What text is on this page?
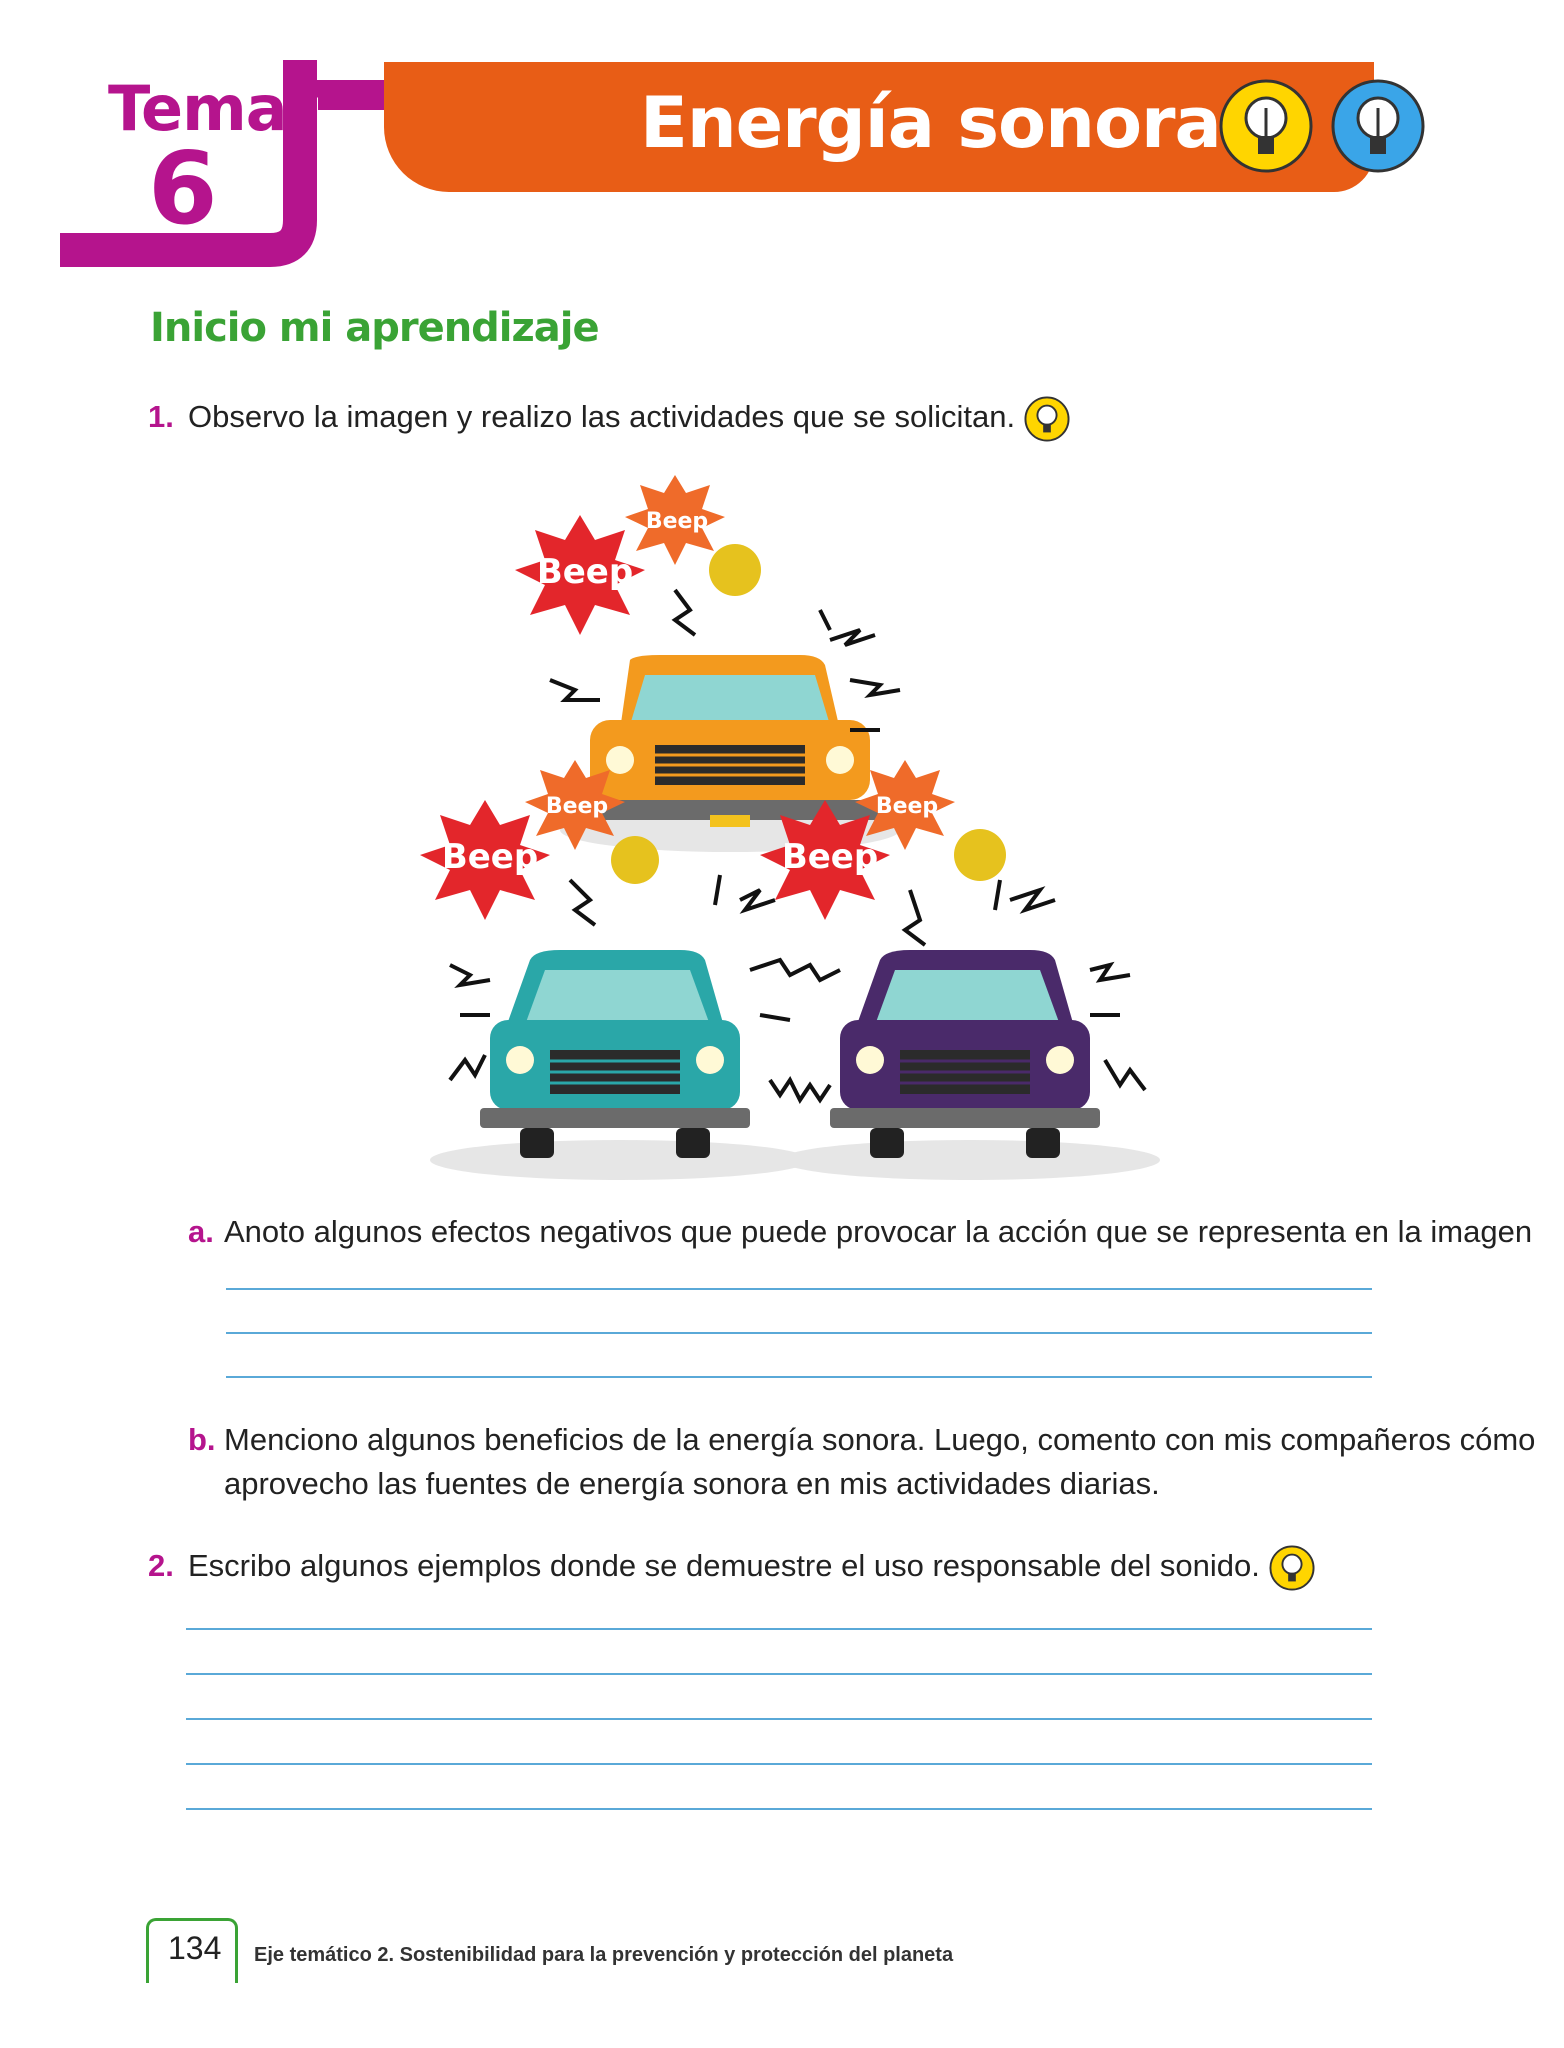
Tema
6
Energía sonora
Inicio mi aprendizaje
1. Observo la imagen y realizo las actividades que se solicitan.
Beep
Beep
Beep
Beep
Beep
Beep
a. Anoto algunos efectos negativos que puede provocar la acción que se representa en la imagen
b. Menciono algunos beneficios de la energía sonora. Luego, comento con mis compañeros cómo
aprovecho las fuentes de energía sonora en mis actividades diarias.
2. Escribo algunos ejemplos donde se demuestre el uso responsable del sonido.
134 Eje temático 2. Sostenibilidad para la prevención y protección del planeta
